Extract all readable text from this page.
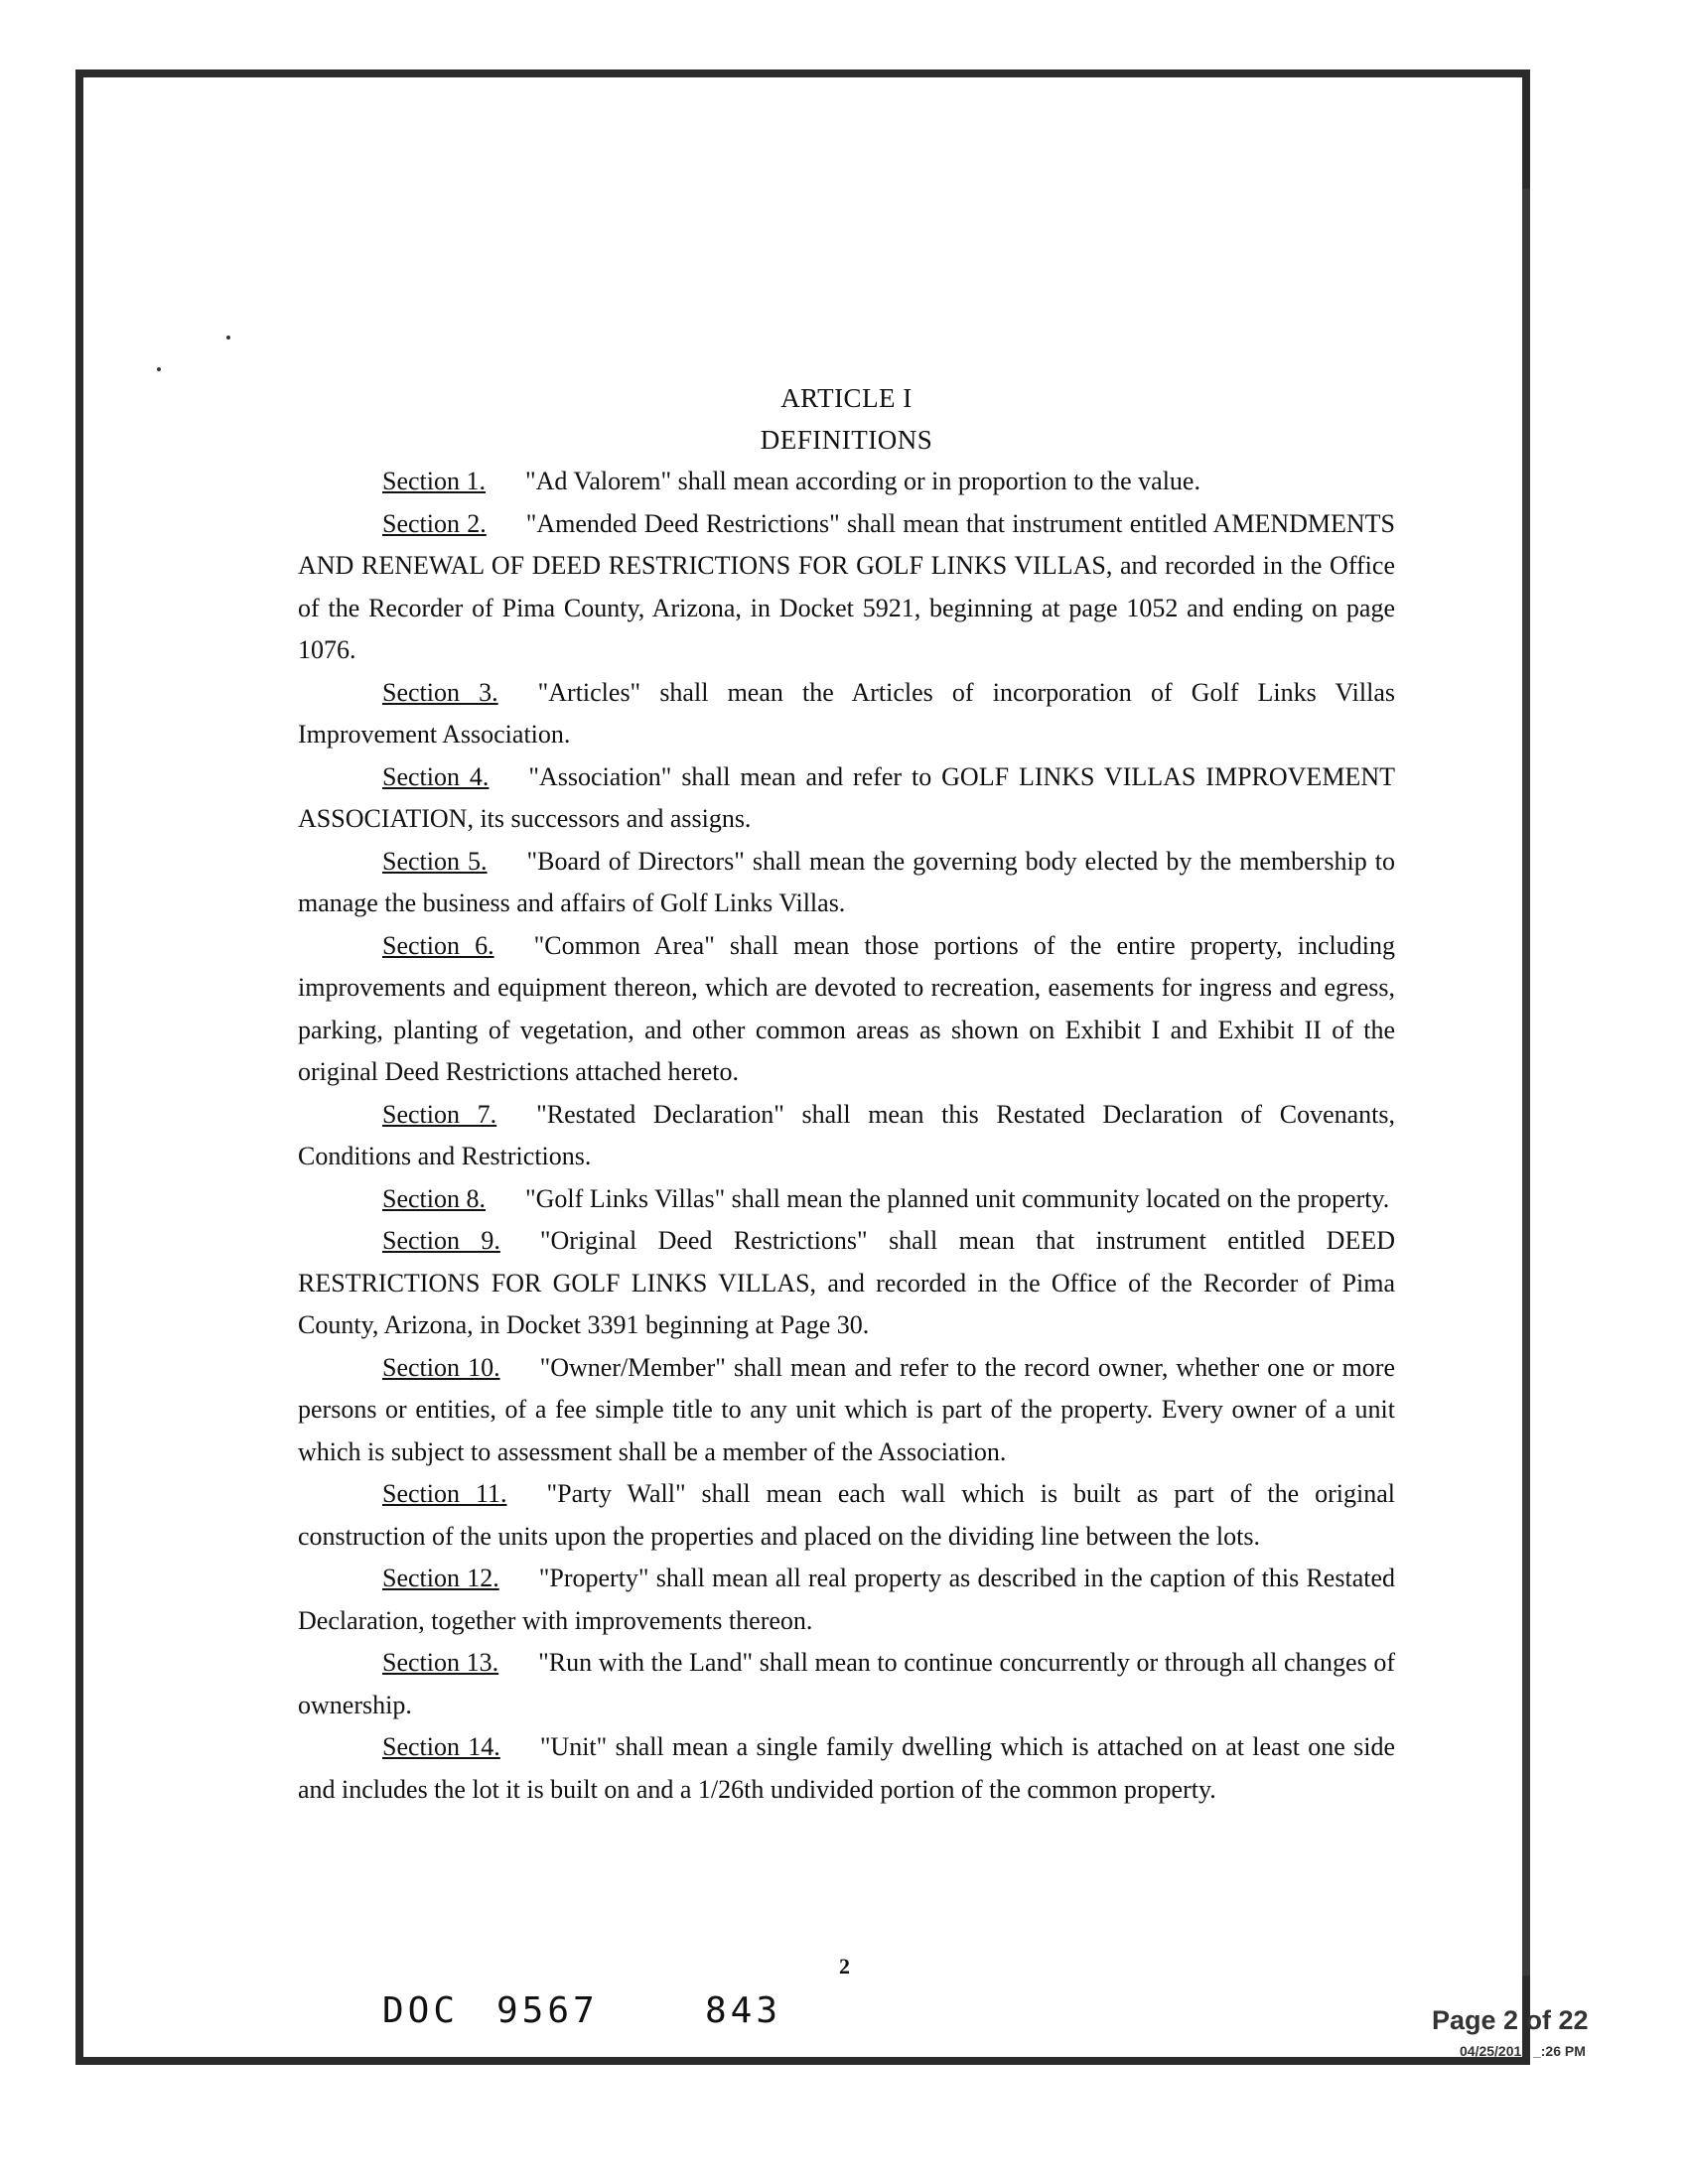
ARTICLE I
DEFINITIONS

Section 1. "Ad Valorem" shall mean according or in proportion to the value.

Section 2. "Amended Deed Restrictions" shall mean that instrument entitled AMENDMENTS AND RENEWAL OF DEED RESTRICTIONS FOR GOLF LINKS VILLAS, and recorded in the Office of the Recorder of Pima County, Arizona, in Docket 5921, beginning at page 1052 and ending on page 1076.

Section 3. "Articles" shall mean the Articles of incorporation of Golf Links Villas Improvement Association.

Section 4. "Association" shall mean and refer to GOLF LINKS VILLAS IMPROVEMENT ASSOCIATION, its successors and assigns.

Section 5. "Board of Directors" shall mean the governing body elected by the membership to manage the business and affairs of Golf Links Villas.

Section 6. "Common Area" shall mean those portions of the entire property, including improvements and equipment thereon, which are devoted to recreation, easements for ingress and egress, parking, planting of vegetation, and other common areas as shown on Exhibit I and Exhibit II of the original Deed Restrictions attached hereto.

Section 7. "Restated Declaration" shall mean this Restated Declaration of Covenants, Conditions and Restrictions.

Section 8. "Golf Links Villas" shall mean the planned unit community located on the property.

Section 9. "Original Deed Restrictions" shall mean that instrument entitled DEED RESTRICTIONS FOR GOLF LINKS VILLAS, and recorded in the Office of the Recorder of Pima County, Arizona, in Docket 3391 beginning at Page 30.

Section 10. "Owner/Member" shall mean and refer to the record owner, whether one or more persons or entities, of a fee simple title to any unit which is part of the property. Every owner of a unit which is subject to assessment shall be a member of the Association.

Section 11. "Party Wall" shall mean each wall which is built as part of the original construction of the units upon the properties and placed on the dividing line between the lots.

Section 12. "Property" shall mean all real property as described in the caption of this Restated Declaration, together with improvements thereon.

Section 13. "Run with the Land" shall mean to continue concurrently or through all changes of ownership.

Section 14. "Unit" shall mean a single family dwelling which is attached on at least one side and includes the lot it is built on and a 1/26th undivided portion of the common property.

2
DOC 9567	843	Page 2 of 22
04/25/201_ _:26 PM
